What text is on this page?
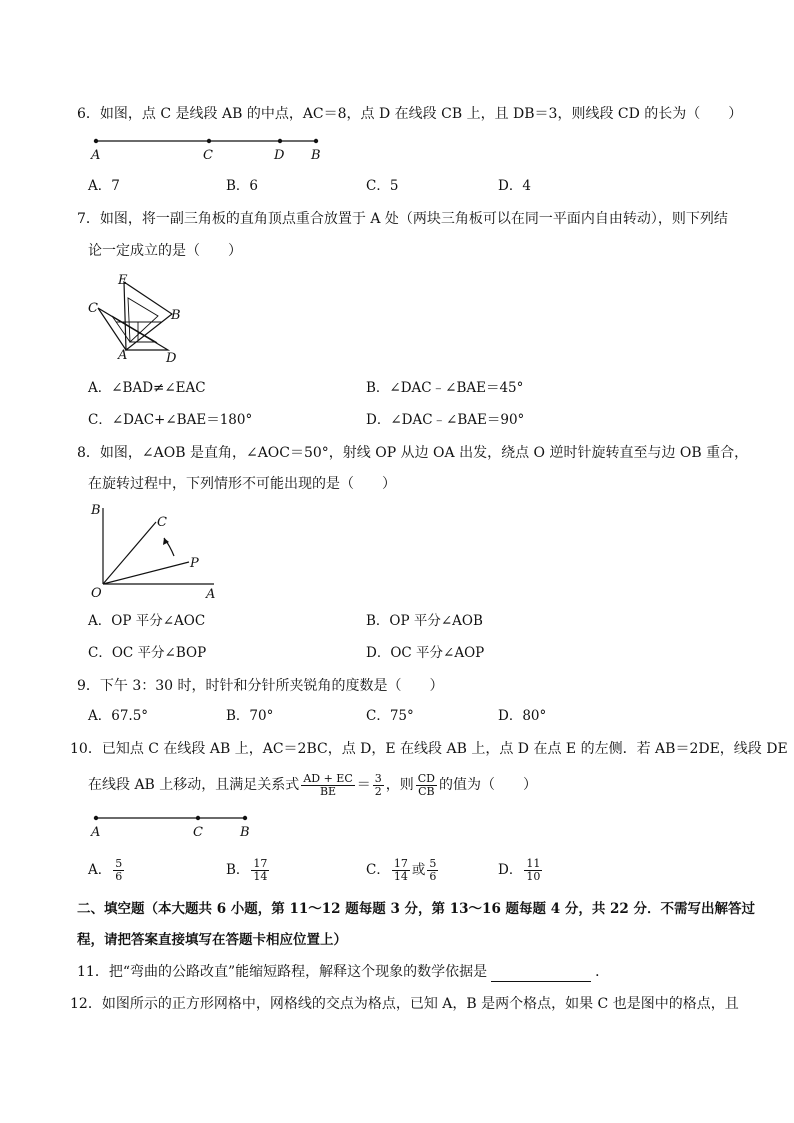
6．如图，点 C 是线段 AB 的中点，AC＝8，点 D 在线段 CB 上，且 DB＝3，则线段 CD 的长为（　　）
A	C	D B
A．7	B．6	C．5	D．4
7．如图，将一副三角板的直角顶点重合放置于 A 处（两块三角板可以在同一平面内自由转动），则下列结
论一定成立的是（　　）
E
C	B
A	D
A．∠BAD≠∠EAC	B．∠DAC﹣∠BAE＝45°
C．∠DAC+∠BAE＝180°	D．∠DAC﹣∠BAE＝90°
8．如图，∠AOB 是直角，∠AOC＝50°，射线 OP 从边 OA 出发，绕点 O 逆时针旋转直至与边 OB 重合，
在旋转过程中，下列情形不可能出现的是（　　）
B
C
P
O	A
A．OP 平分∠AOC	B．OP 平分∠AOB
C．OC 平分∠BOP	D．OC 平分∠AOP
9．下午 3：30 时，时针和分针所夹锐角的度数是（　　）
A．67.5°	B．70°	C．75°	D．80°
10．已知点 C 在线段 AB 上，AC＝2BC，点 D，E 在线段 AB 上，点 D 在点 E 的左侧．若 AB＝2DE，线段 DE
在线段 AB 上移动，且满足关系式 $\frac{AD + EC}{BE} = \frac{3}{2}$ ，则 $\frac{CD}{CB}$ 的值为（　　）
A	C	B
A． $\frac{5}{6}$	B． $\frac{17}{14}$	C． $\frac{17}{14}$ 或 $\frac{5}{6}$	D． $\frac{11}{10}$
二、填空题（本大题共 6 小题，第 11～12 题每题 3 分，第 13～16 题每题 4 分，共 22 分．不需写出解答过
程，请把答案直接填写在答题卡相应位置上）
11．把“弯曲的公路改直”能缩短路程，解释这个现象的数学依据是	．
12．如图所示的正方形网格中，网格线的交点为格点，已知 A，B 是两个格点，如果 C 也是图中的格点，且
